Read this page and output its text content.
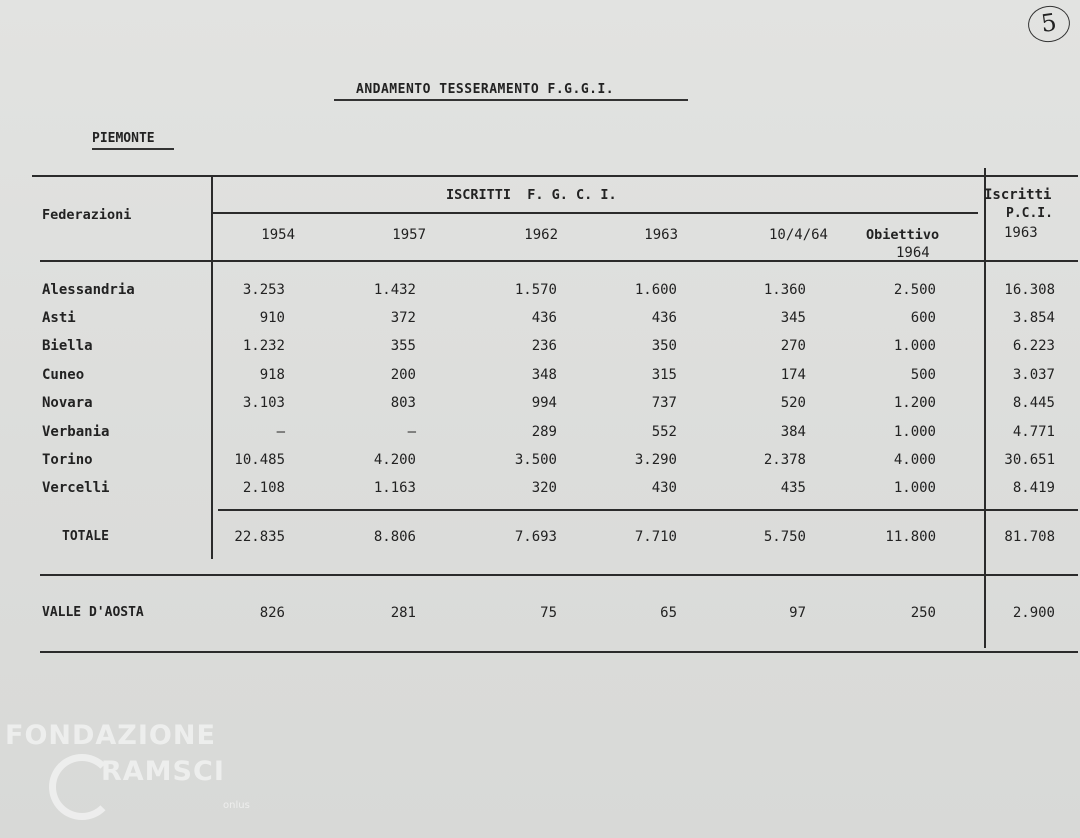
5
ANDAMENTO TESSERAMENTO F.G.G.I.
PIEMONTE
Federazioni
ISCRITTI  F. G. C. I.	Iscritti
P.C.I.
1963
1954	1957	1962	1963	10/4/64	Obiettivo
1964
Alessandria	3.253	1.432	1.570	1.600	1.360	2.500	16.308
Asti	910	372	436	436	345	600	3.854
Biella	1.232	355	236	350	270	1.000	6.223
Cuneo	918	200	348	315	174	500	3.037
Novara	3.103	803	994	737	520	1.200	8.445
Verbania	–	–	289	552	384	1.000	4.771
Torino	10.485	4.200	3.500	3.290	2.378	4.000	30.651
Vercelli	2.108	1.163	320	430	435	1.000	8.419
TOTALE	22.835	8.806	7.693	7.710	5.750	11.800	81.708
VALLE D'AOSTA	826	281	75	65	97	250	2.900
FONDAZIONE
RAMSCI
onlus
